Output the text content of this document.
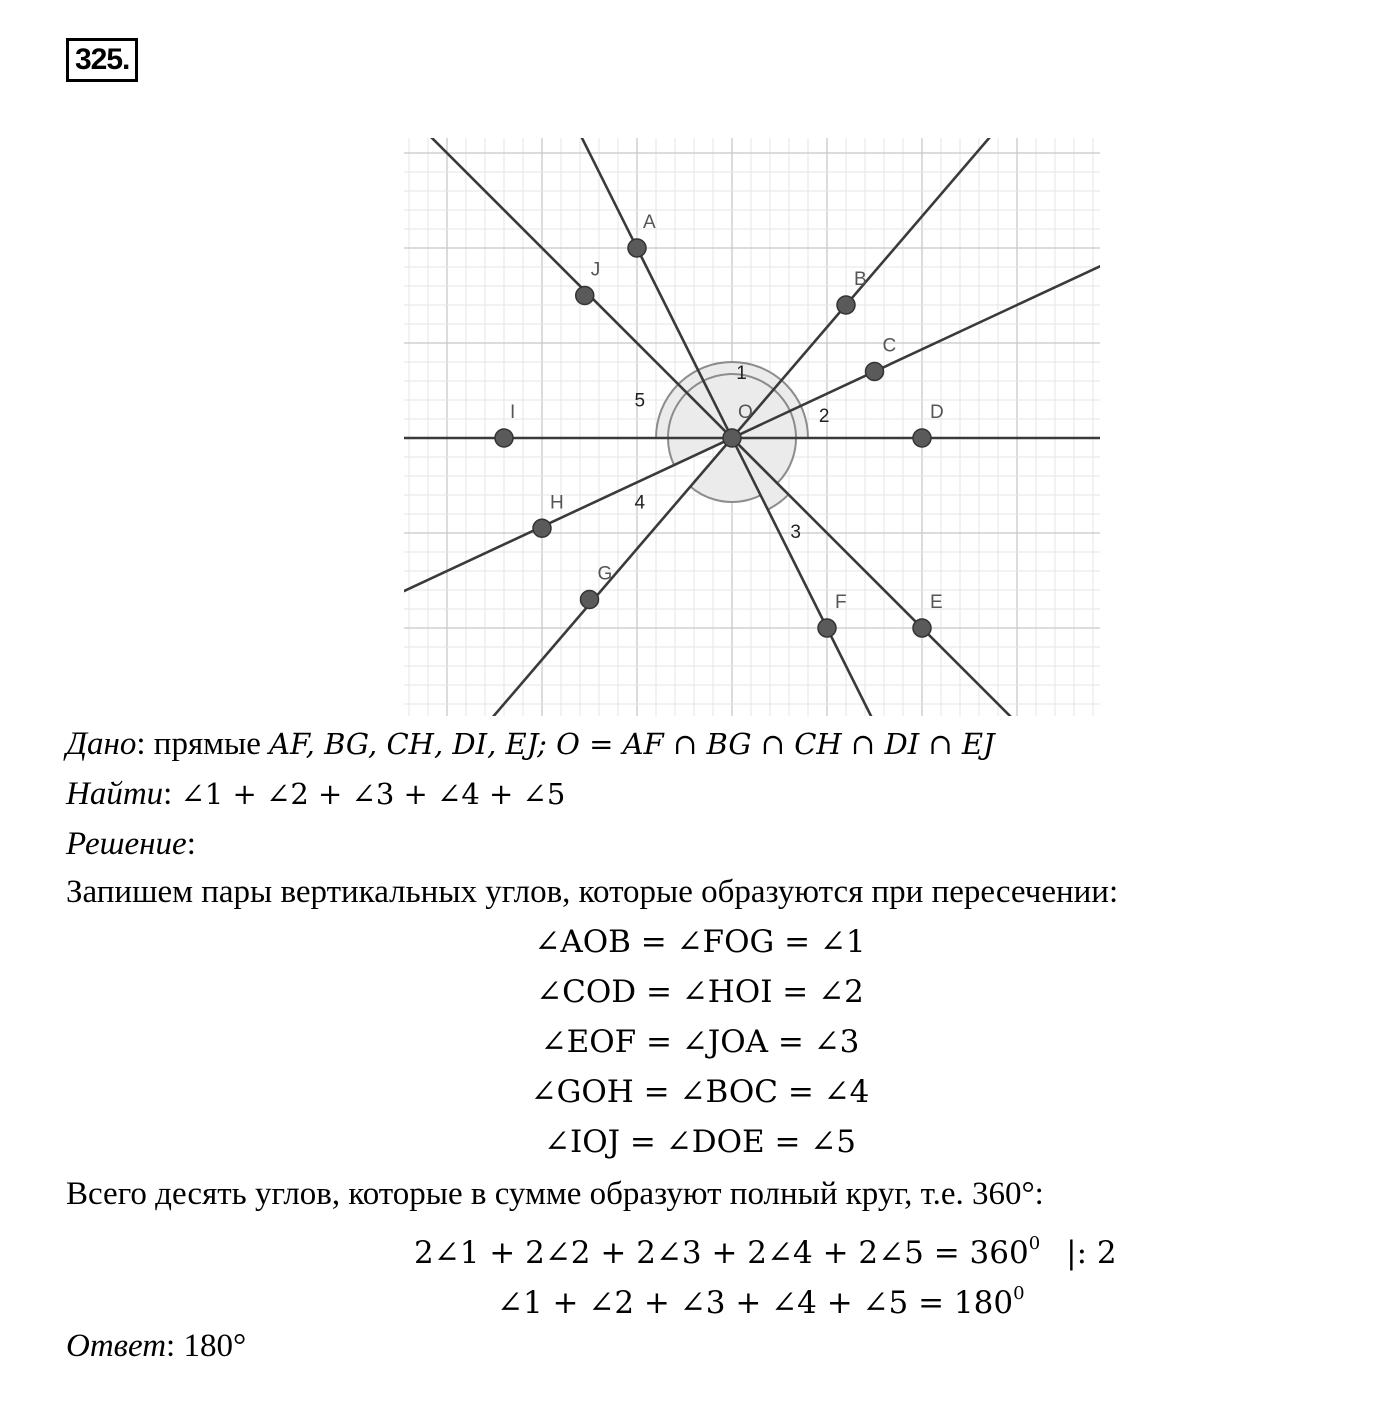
325.
A
B
C
D
E
F
G
H
I
J
O
1
2
3
4
5
Дано: прямые AF, BG, CH, DI, EJ; O = AF ∩ BG ∩ CH ∩ DI ∩ EJ
Найти: ∠1 + ∠2 + ∠3 + ∠4 + ∠5
Решение:
Запишем пары вертикальных углов, которые образуются при пересечении:
∠AOB = ∠FOG = ∠1
∠COD = ∠HOI = ∠2
∠EOF = ∠JOA = ∠3
∠GOH = ∠BOC = ∠4
∠IOJ = ∠DOE = ∠5
Всего десять углов, которые в сумме образуют полный круг, т.е. 360°:
2∠1 + 2∠2 + 2∠3 + 2∠4 + 2∠5 = $360^0$ |: 2
∠1 + ∠2 + ∠3 + ∠4 + ∠5 = $180^0$
Ответ: 180°
